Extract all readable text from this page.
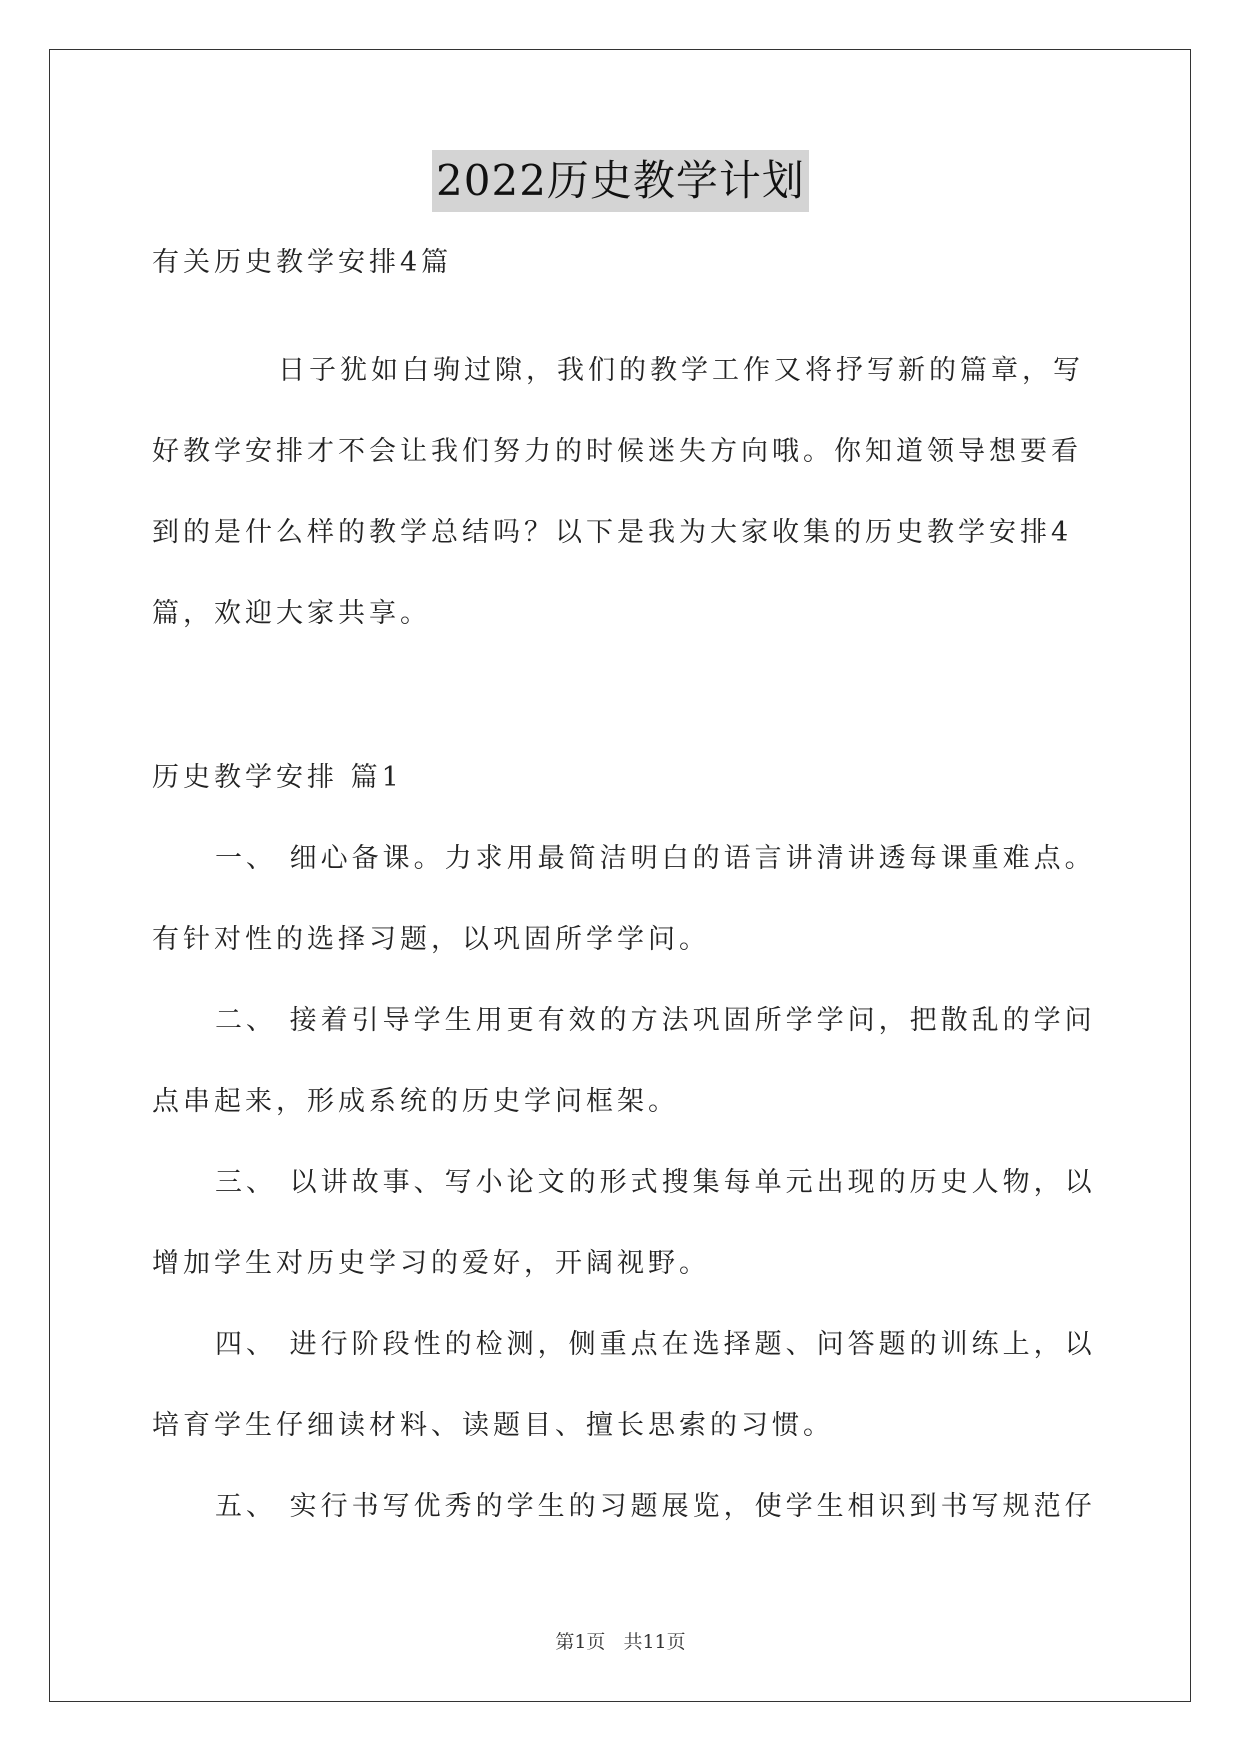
2022历史教学计划
有关历史教学安排4篇
日子犹如白驹过隙，我们的教学工作又将抒写新的篇章，写
好教学安排才不会让我们努力的时候迷失方向哦。你知道领导想要看
到的是什么样的教学总结吗？以下是我为大家收集的历史教学安排4
篇，欢迎大家共享。
历史教学安排 篇1
一、 细心备课。力求用最简洁明白的语言讲清讲透每课重难点。
有针对性的选择习题，以巩固所学学问。
二、 接着引导学生用更有效的方法巩固所学学问，把散乱的学问
点串起来，形成系统的历史学问框架。
三、 以讲故事、写小论文的形式搜集每单元出现的历史人物，以
增加学生对历史学习的爱好，开阔视野。
四、 进行阶段性的检测，侧重点在选择题、问答题的训练上，以
培育学生仔细读材料、读题目、擅长思索的习惯。
五、 实行书写优秀的学生的习题展览，使学生相识到书写规范仔
第1页 共11页
